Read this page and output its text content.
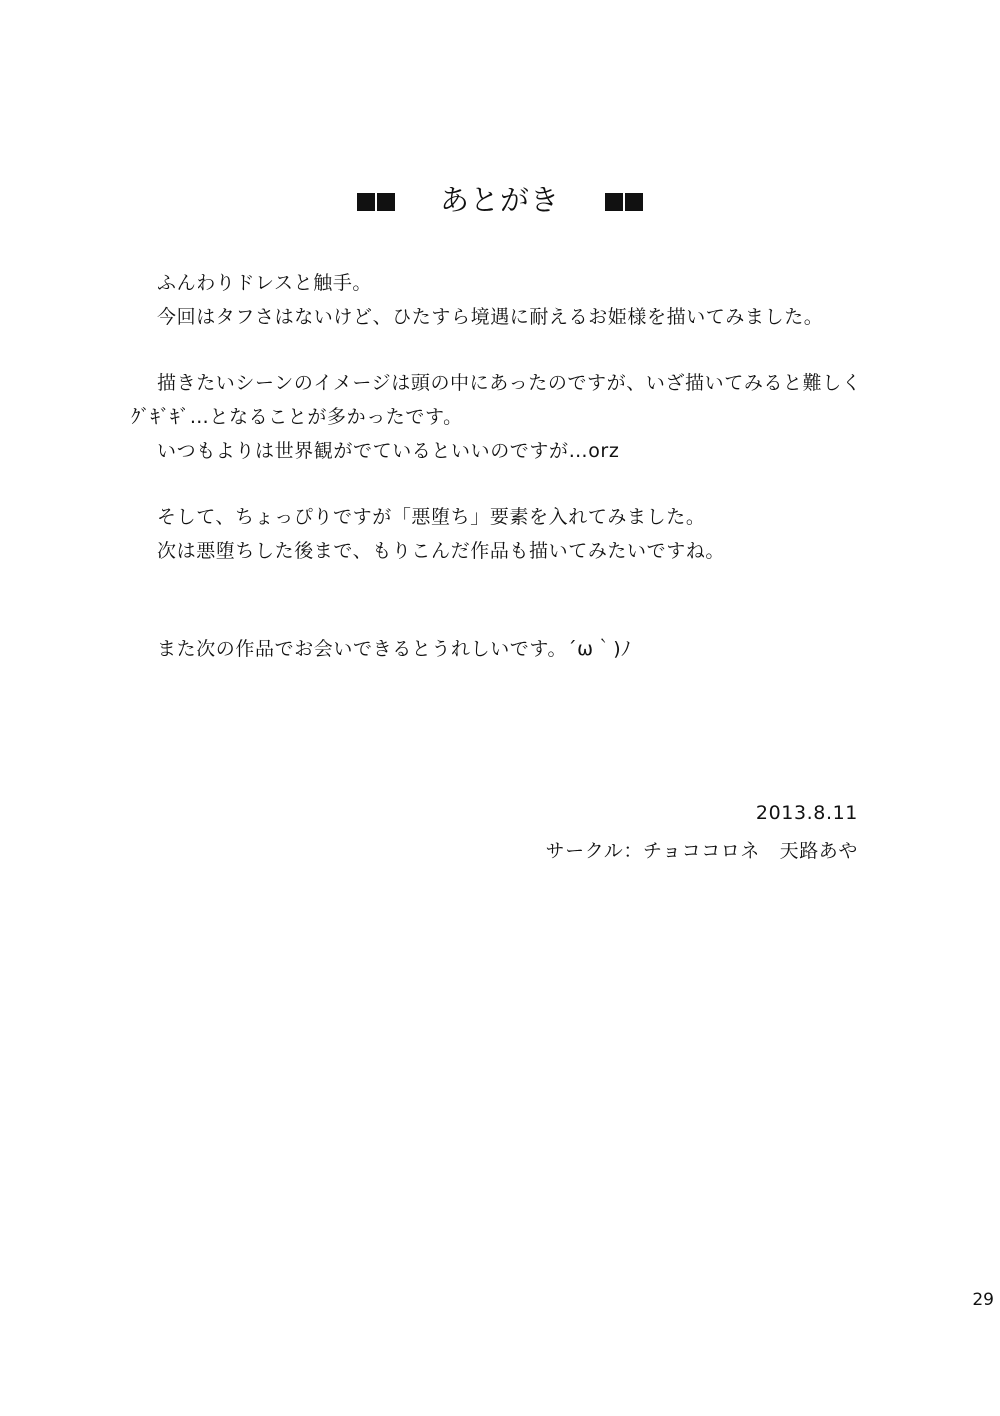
あとがき
ふんわりドレスと触手。
今回はタフさはないけど、ひたすら境遇に耐えるお姫様を描いてみました。
描きたいシーンのイメージは頭の中にあったのですが、いざ描いてみると難しく
ｸﾞｷﾞｷﾞ…となることが多かったです。
いつもよりは世界観がでているといいのですが…orz
そして、ちょっぴりですが「悪堕ち」要素を入れてみました。
次は悪堕ちした後まで、もりこんだ作品も描いてみたいですね。
また次の作品でお会いできるとうれしいです。´ω｀)ﾉ
2013.8.11
サークル：チョココロネ　天路あや
29
